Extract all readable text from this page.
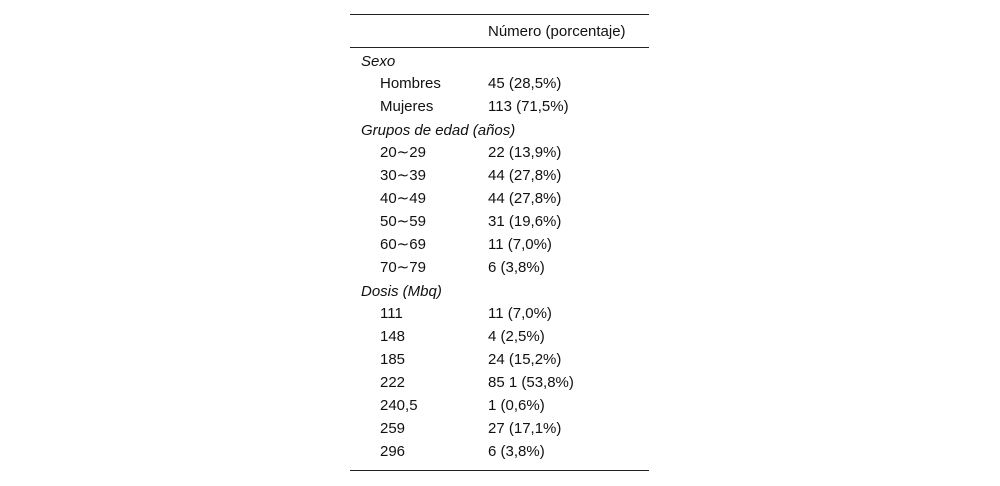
Número (porcentaje)
Sexo
Hombres	45 (28,5%)
Mujeres	113 (71,5%)
Grupos de edad (años)
20∼29	22 (13,9%)
30∼39	44 (27,8%)
40∼49	44 (27,8%)
50∼59	31 (19,6%)
60∼69	11 (7,0%)
70∼79	6 (3,8%)
Dosis (Mbq)
111	11 (7,0%)
148	4 (2,5%)
185	24 (15,2%)
222	85 1 (53,8%)
240,5	1 (0,6%)
259	27 (17,1%)
296	6 (3,8%)
